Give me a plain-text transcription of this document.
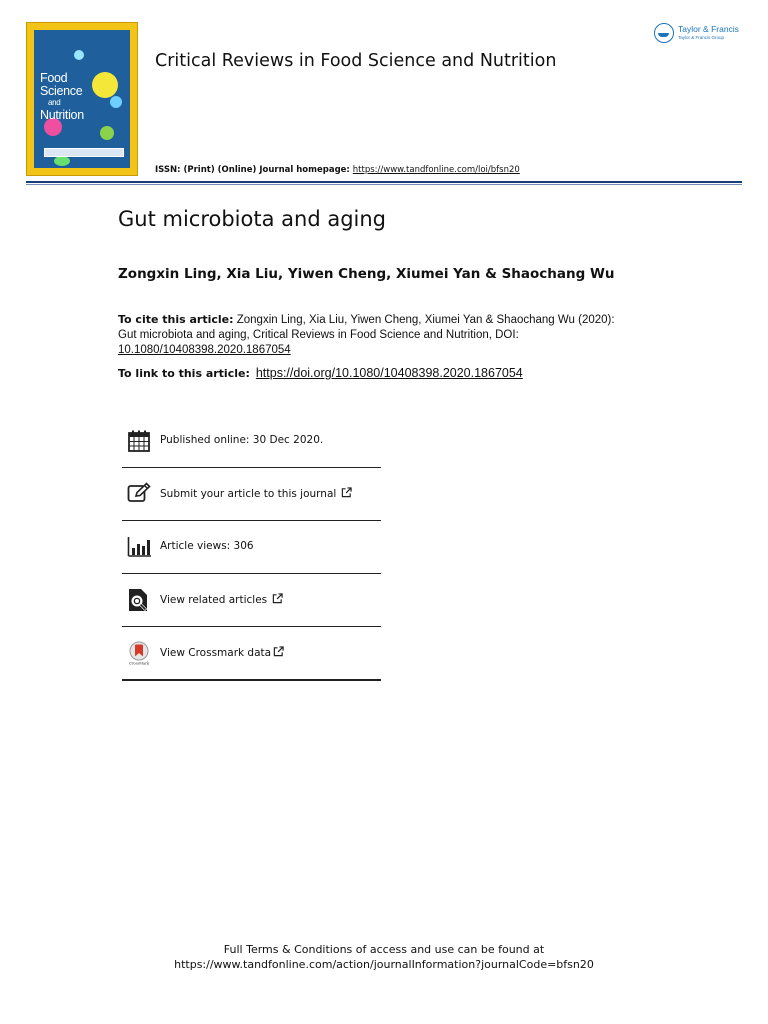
Food
Science
and
Nutrition
Critical Reviews in Food Science and Nutrition
ISSN: (Print) (Online) Journal homepage: https://www.tandfonline.com/loi/bfsn20
Taylor & Francis
Taylor & Francis Group
Gut microbiota and aging
Zongxin Ling, Xia Liu, Yiwen Cheng, Xiumei Yan & Shaochang Wu
To cite this article: Zongxin Ling, Xia Liu, Yiwen Cheng, Xiumei Yan & Shaochang Wu (2020): Gut microbiota and aging, Critical Reviews in Food Science and Nutrition, DOI: 10.1080/10408398.2020.1867054
To link to this article: https://doi.org/10.1080/10408398.2020.1867054
Published online: 30 Dec 2020.
Submit your article to this journal
Article views: 306
View related articles
CrossMark
View Crossmark data
Full Terms & Conditions of access and use can be found at
https://www.tandfonline.com/action/journalInformation?journalCode=bfsn20
